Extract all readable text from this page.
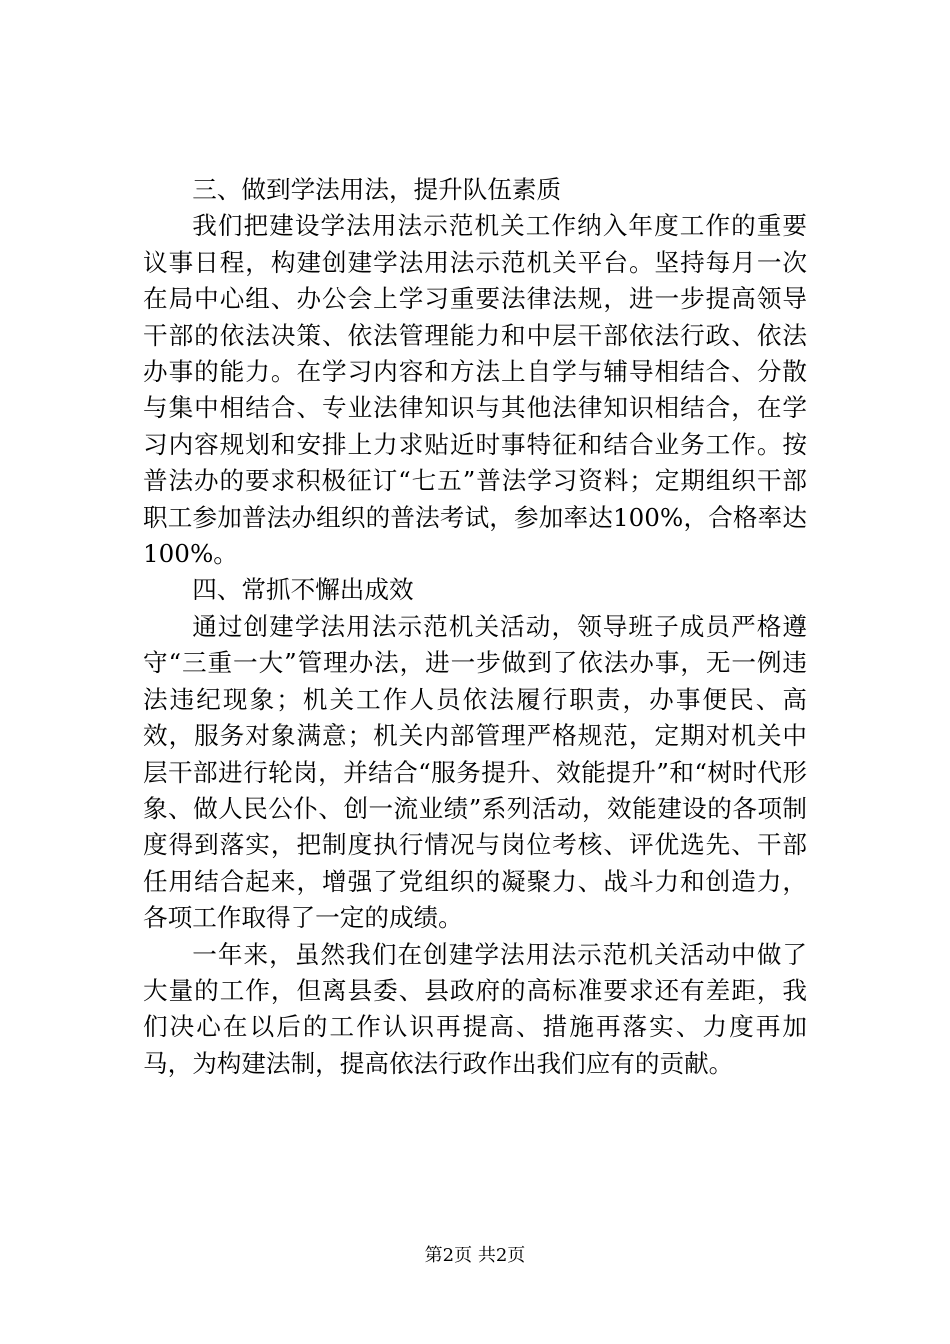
三、做到学法用法，提升队伍素质

我们把建设学法用法示范机关工作纳入年度工作的重要议事日程，构建创建学法用法示范机关平台。坚持每月一次在局中心组、办公会上学习重要法律法规，进一步提高领导干部的依法决策、依法管理能力和中层干部依法行政、依法办事的能力。在学习内容和方法上自学与辅导相结合、分散与集中相结合、专业法律知识与其他法律知识相结合，在学习内容规划和安排上力求贴近时事特征和结合业务工作。按普法办的要求积极征订“七五”普法学习资料；定期组织干部职工参加普法办组织的普法考试，参加率达100%，合格率达100%。

四、常抓不懈出成效

通过创建学法用法示范机关活动，领导班子成员严格遵守“三重一大”管理办法，进一步做到了依法办事，无一例违法违纪现象；机关工作人员依法履行职责，办事便民、高效，服务对象满意；机关内部管理严格规范，定期对机关中层干部进行轮岗，并结合“服务提升、效能提升”和“树时代形象、做人民公仆、创一流业绩”系列活动，效能建设的各项制度得到落实，把制度执行情况与岗位考核、评优选先、干部任用结合起来，增强了党组织的凝聚力、战斗力和创造力，各项工作取得了一定的成绩。

一年来，虽然我们在创建学法用法示范机关活动中做了大量的工作，但离县委、县政府的高标准要求还有差距，我们决心在以后的工作认识再提高、措施再落实、力度再加马，为构建法制，提高依法行政作出我们应有的贡献。

第2页 共2页
